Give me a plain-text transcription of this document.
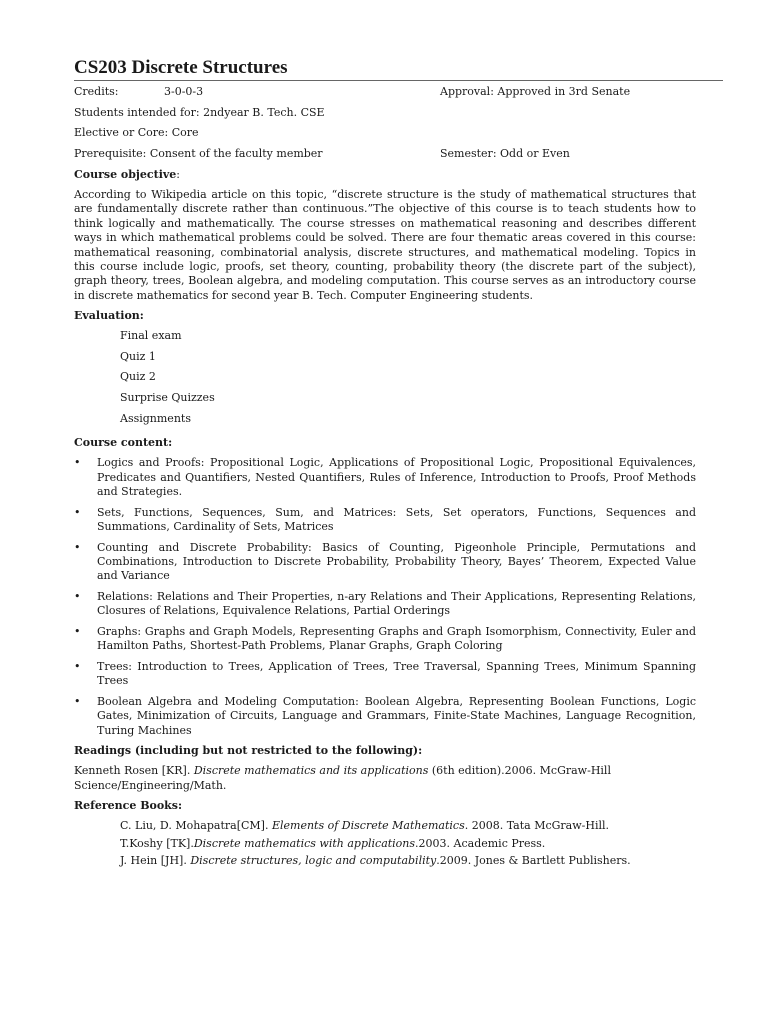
CS203 Discrete Structures
Credits:	3-0-0-3	Approval: Approved in 3rd Senate
Students intended for: 2ndyear B. Tech. CSE
Elective or Core: Core
Prerequisite: Consent of the faculty member	Semester: Odd or Even
Course objective:
According to Wikipedia article on this topic, “discrete structure is the study of mathematical structures that are fundamentally discrete rather than continuous.”The objective of this course is to teach students how to think logically and mathematically. The course stresses on mathematical reasoning and describes different ways in which mathematical problems could be solved. There are four thematic areas covered in this course: mathematical reasoning, combinatorial analysis, discrete structures, and mathematical modeling. Topics in this course include logic, proofs, set theory, counting, probability theory (the discrete part of the subject), graph theory, trees, Boolean algebra, and modeling computation. This course serves as an introductory course in discrete mathematics for second year B. Tech. Computer Engineering students.
Evaluation:
Final exam
Quiz 1
Quiz 2
Surprise Quizzes
Assignments
Course content:
• Logics and Proofs: Propositional Logic, Applications of Propositional Logic, Propositional Equivalences, Predicates and Quantifiers, Nested Quantifiers, Rules of Inference, Introduction to Proofs, Proof Methods and Strategies.
• Sets, Functions, Sequences, Sum, and Matrices: Sets, Set operators, Functions, Sequences and Summations, Cardinality of Sets, Matrices
• Counting and Discrete Probability: Basics of Counting, Pigeonhole Principle, Permutations and Combinations, Introduction to Discrete Probability, Probability Theory, Bayes’ Theorem, Expected Value and Variance
• Relations: Relations and Their Properties, n-ary Relations and Their Applications, Representing Relations, Closures of Relations, Equivalence Relations, Partial Orderings
• Graphs: Graphs and Graph Models, Representing Graphs and Graph Isomorphism, Connectivity, Euler and Hamilton Paths, Shortest-Path Problems, Planar Graphs, Graph Coloring
• Trees: Introduction to Trees, Application of Trees, Tree Traversal, Spanning Trees, Minimum Spanning Trees
• Boolean Algebra and Modeling Computation: Boolean Algebra, Representing Boolean Functions, Logic Gates, Minimization of Circuits, Language and Grammars, Finite-State Machines, Language Recognition, Turing Machines
Readings (including but not restricted to the following):
Kenneth Rosen [KR]. Discrete mathematics and its applications (6th edition).2006. McGraw-Hill Science/Engineering/Math.
Reference Books:
C. Liu, D. Mohapatra[CM]. Elements of Discrete Mathematics. 2008. Tata McGraw-Hill.
T.Koshy [TK].Discrete mathematics with applications.2003. Academic Press.
J. Hein [JH]. Discrete structures, logic and computability.2009. Jones & Bartlett Publishers.
